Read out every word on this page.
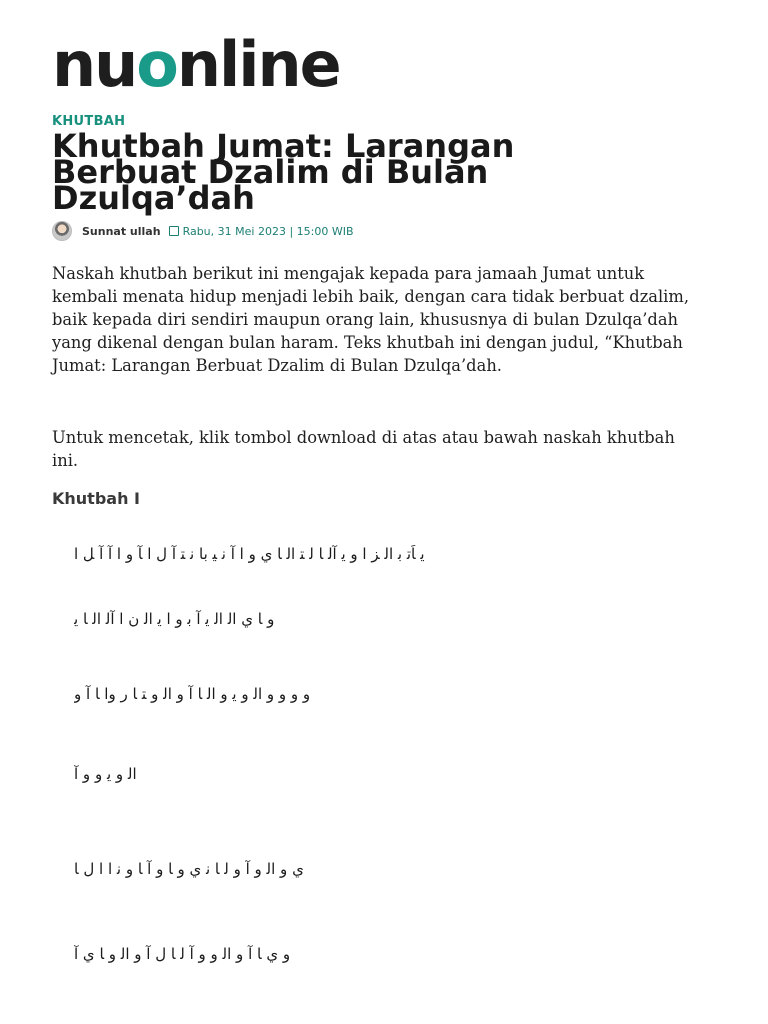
nuonline
KHUTBAH
Khutbah Jumat: Larangan Berbuat Dzalim di Bulan Dzulqa’dah
Sunnat ullah	Rabu, 31 Mei 2023 | 15:00 WIB

Naskah khutbah berikut ini mengajak kepada para jamaah Jumat untuk kembali menata hidup menjadi lebih baik, dengan cara tidak berbuat dzalim, baik kepada diri sendiri maupun orang lain, khususnya di bulan Dzulqa’dah yang dikenal dengan bulan haram. Teks khutbah ini dengan judul, “Khutbah Jumat: Larangan Berbuat Dzalim di Bulan Dzulqa’dah.

Untuk mencetak, klik tombol download di atas atau bawah naskah khutbah ini.

Khutbah I
ﻳ ﺎَﺗ ﺑ ﺍﻟ ﺰ ﺍ ﻭ ﻳ ﺁﻟ ﺎ ﻟ ﺘ ﺍﻟ ﺎ ﻱ ﻭ ﺍ ﺁ ﻧ ﻴ ﺑﺎ ﻧ ﺘ ﺁ ﻝ ﺍ ﺂ ﻭ ﺍ ﺁ ﺁ ﻞ ﺍ
ﻭ ﺎ ﻱ ﺍﻟ ﺍﻟ ﻳ ﺁ ﺑ ﻭ ﺍ ﻳ ﺍﻟ ﻥ ﺍ ﺁﻟ ﺍﻟ ﺎ ﻳ
ﻭ ﻭ ﻭ ﻭ ﺍﻟ ﻭ ﻳ ﻭ ﺍﻟ ﺎ ﺁ ﻭ ﺍﻟ ﻭ ﺘ ﺎ ﺭ ﻭﺍ ﺎ ﺁ ﻭ
ﺍﻟ ﻭ ﻳ ﻭ ﻭ ﺁ
ﻱ ﻭ ﺍﻟ ﻭ ﺁ ﻭ ﻟ ﺎ ﻧ ﻱ ﻭ ﺎ ﻭ ﺁ ﺎ ﻭ ﻧ ﺍ ﺍ ﻝ ﺎ
ﻭ ﻱ ﺎ ﺁ ﻭ ﺍﻟ ﻭ ﻭ ﺁ ﻟ ﺎ ﻝ ﺁ ﻭ ﺍﻟ ﻭ ﺎ ﻱ ﺁ
